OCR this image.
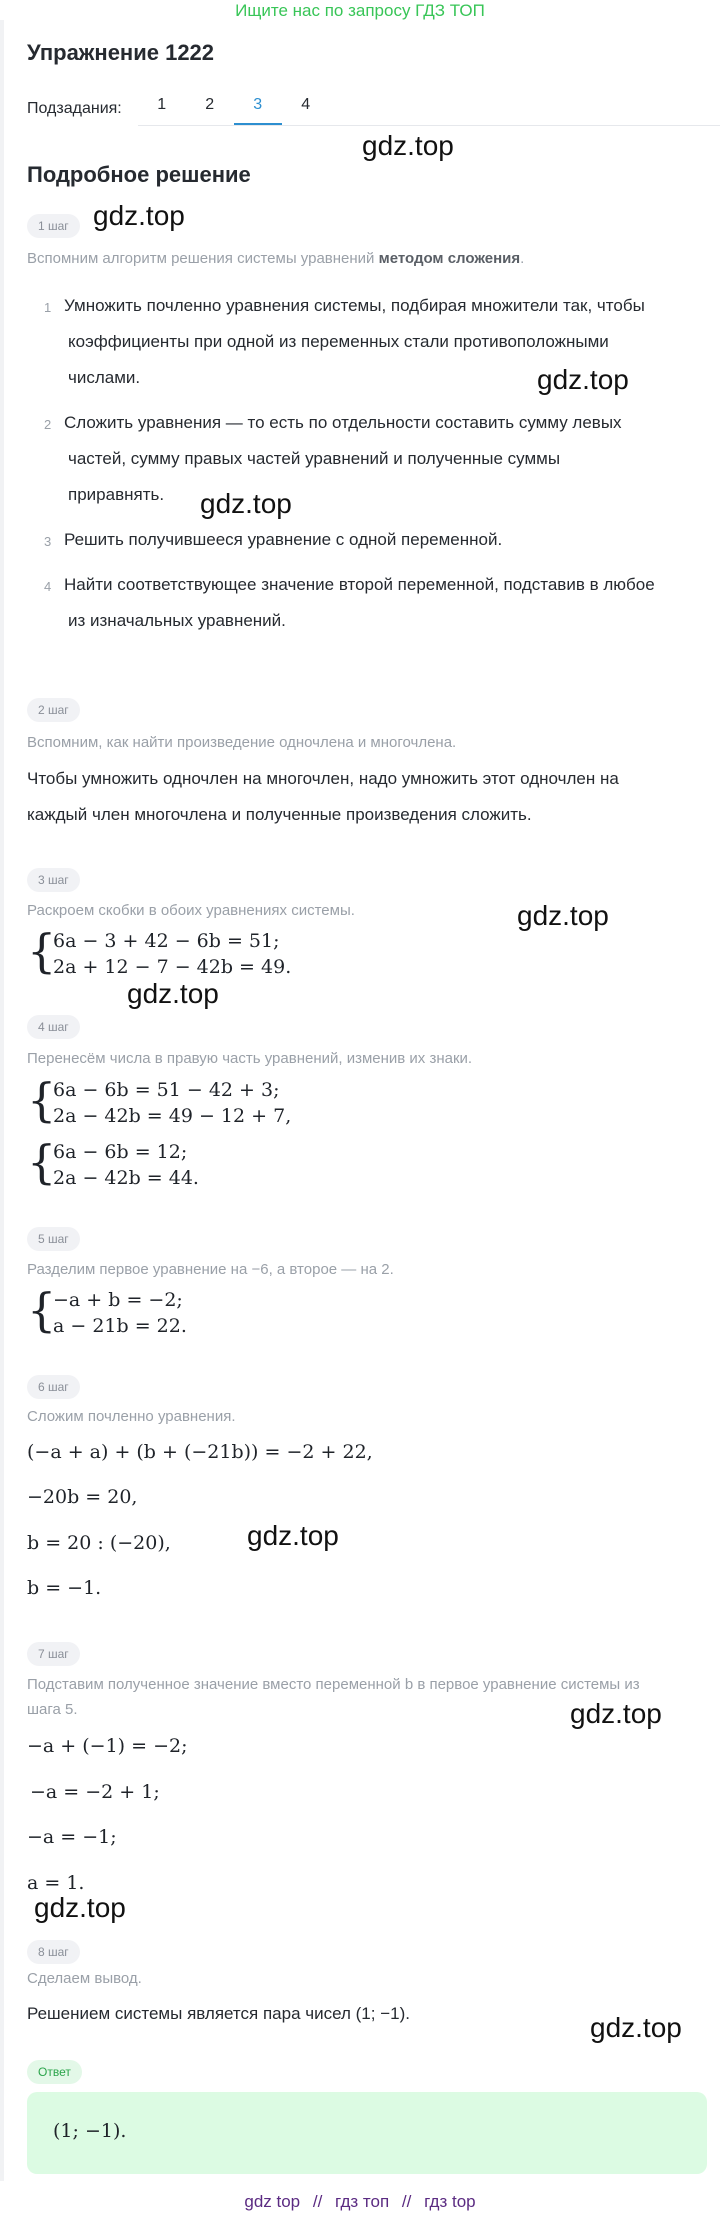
Ищите нас по запросу ГДЗ ТОП
Упражнение 1222
Подзадания:	1	2	3	4
Подробное решение
gdz.top
gdz.top
gdz.top
gdz.top
gdz.top
gdz.top
gdz.top
gdz.top
gdz.top
gdz.top
1 шаг
Вспомним алгоритм решения системы уравнений методом сложения.
1 Умножить почленно уравнения системы, подбирая множители так, чтобы
коэффициенты при одной из переменных стали противоположными
числами.
2 Сложить уравнения — то есть по отдельности составить сумму левых
частей, сумму правых частей уравнений и полученные суммы
приравнять.
3 Решить получившееся уравнение с одной переменной.
4 Найти соответствующее значение второй переменной, подставив в любое
из изначальных уравнений.
2 шаг
Вспомним, как найти произведение одночлена и многочлена.
Чтобы умножить одночлен на многочлен, надо умножить этот одночлен на
каждый член многочлена и полученные произведения сложить.
3 шаг
Раскроем скобки в обоих уравнениях системы.
{
6a − 3 + 42 − 6b = 51;
2a + 12 − 7 − 42b = 49.
4 шаг
Перенесём числа в правую часть уравнений, изменив их знаки.
{
6a − 6b = 51 − 42 + 3;
2a − 42b = 49 − 12 + 7,
{
6a − 6b = 12;
2a − 42b = 44.
5 шаг
Разделим первое уравнение на −6, а второе — на 2.
{
−a + b = −2;
a − 21b = 22.
6 шаг
Сложим почленно уравнения.
(−a + a) + (b + (−21b)) = −2 + 22,
−20b = 20,
b = 20 : (−20),
b = −1.
7 шаг
Подставим полученное значение вместо переменной b в первое уравнение системы из
шага 5.
−a + (−1) = −2;
−a = −2 + 1;
−a = −1;
a = 1.
8 шаг
Сделаем вывод.
Решением системы является пара чисел (1; −1).
Ответ
(1; −1).
gdz top // гдз топ // гдз top
